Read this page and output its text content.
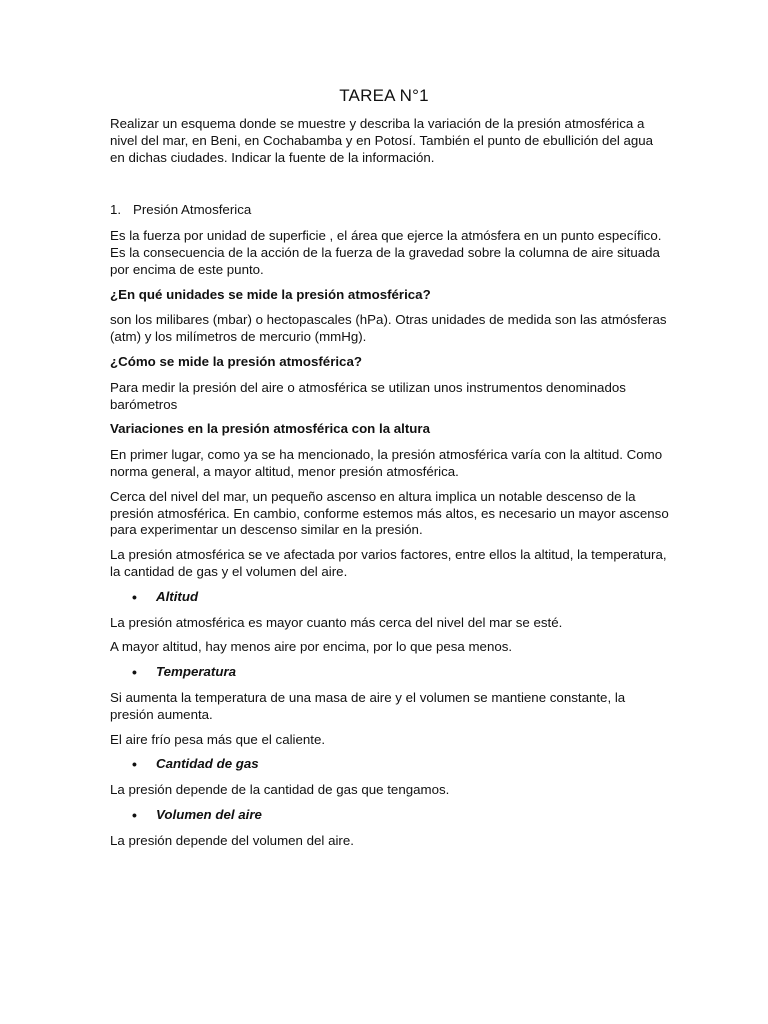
TAREA N°1

Realizar un esquema donde se muestre y describa la variación de la presión atmosférica a nivel del mar, en Beni, en Cochabamba y en Potosí. También el punto de ebullición del agua en dichas ciudades. Indicar la fuente de la información.

1. Presión Atmosferica

Es la fuerza por unidad de superficie , el área que ejerce la atmósfera en un punto específico. Es la consecuencia de la acción de la fuerza de la gravedad sobre la columna de aire situada por encima de este punto.

¿En qué unidades se mide la presión atmosférica?

son los milibares (mbar) o hectopascales (hPa). Otras unidades de medida son las atmósferas (atm) y los milímetros de mercurio (mmHg).

¿Cómo se mide la presión atmosférica?

Para medir la presión del aire o atmosférica se utilizan unos instrumentos denominados barómetros

Variaciones en la presión atmosférica con la altura

En primer lugar, como ya se ha mencionado, la presión atmosférica varía con la altitud. Como norma general, a mayor altitud, menor presión atmosférica.

Cerca del nivel del mar, un pequeño ascenso en altura implica un notable descenso de la presión atmosférica. En cambio, conforme estemos más altos, es necesario un mayor ascenso para experimentar un descenso similar en la presión.

La presión atmosférica se ve afectada por varios factores, entre ellos la altitud, la temperatura, la cantidad de gas y el volumen del aire.

•	Altitud

La presión atmosférica es mayor cuanto más cerca del nivel del mar se esté.

A mayor altitud, hay menos aire por encima, por lo que pesa menos.

•	Temperatura

Si aumenta la temperatura de una masa de aire y el volumen se mantiene constante, la presión aumenta.

El aire frío pesa más que el caliente.

•	Cantidad de gas

La presión depende de la cantidad de gas que tengamos.

•	Volumen del aire

La presión depende del volumen del aire.
